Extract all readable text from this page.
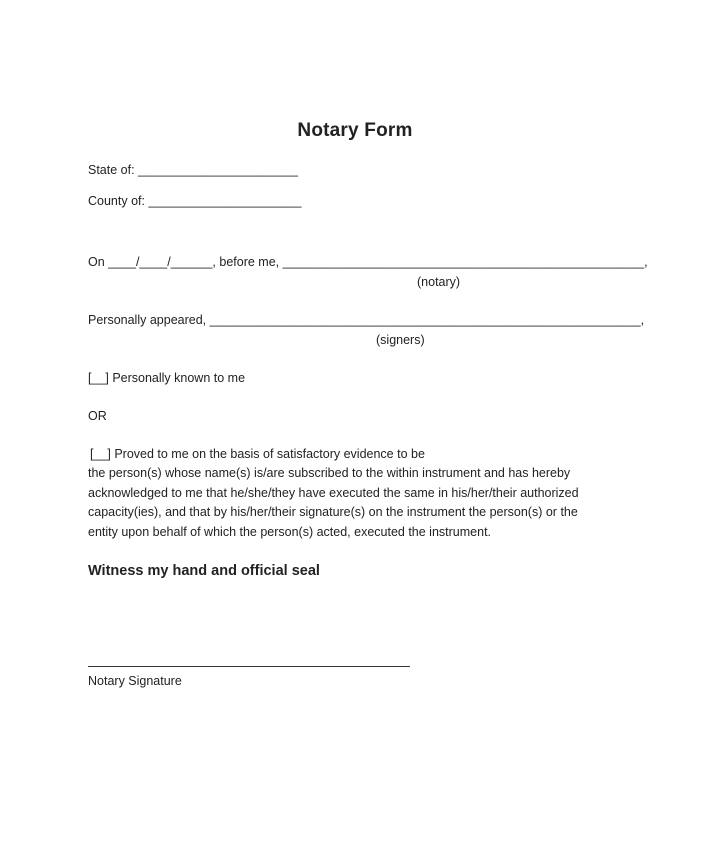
Notary Form
State of: _______________________
County of: ______________________
On ____/____/______, before me, ____________________________________________________,
(notary)
Personally appeared, ______________________________________________________________,
(signers)
[__] Personally known to me
OR
[__] Proved to me on the basis of satisfactory evidence to be
the person(s) whose name(s) is/are subscribed to the within instrument and has hereby
acknowledged to me that he/she/they have executed the same in his/her/their authorized
capacity(ies), and that by his/her/their signature(s) on the instrument the person(s) or the
entity upon behalf of which the person(s) acted, executed the instrument.
Witness my hand and official seal
Notary Signature
